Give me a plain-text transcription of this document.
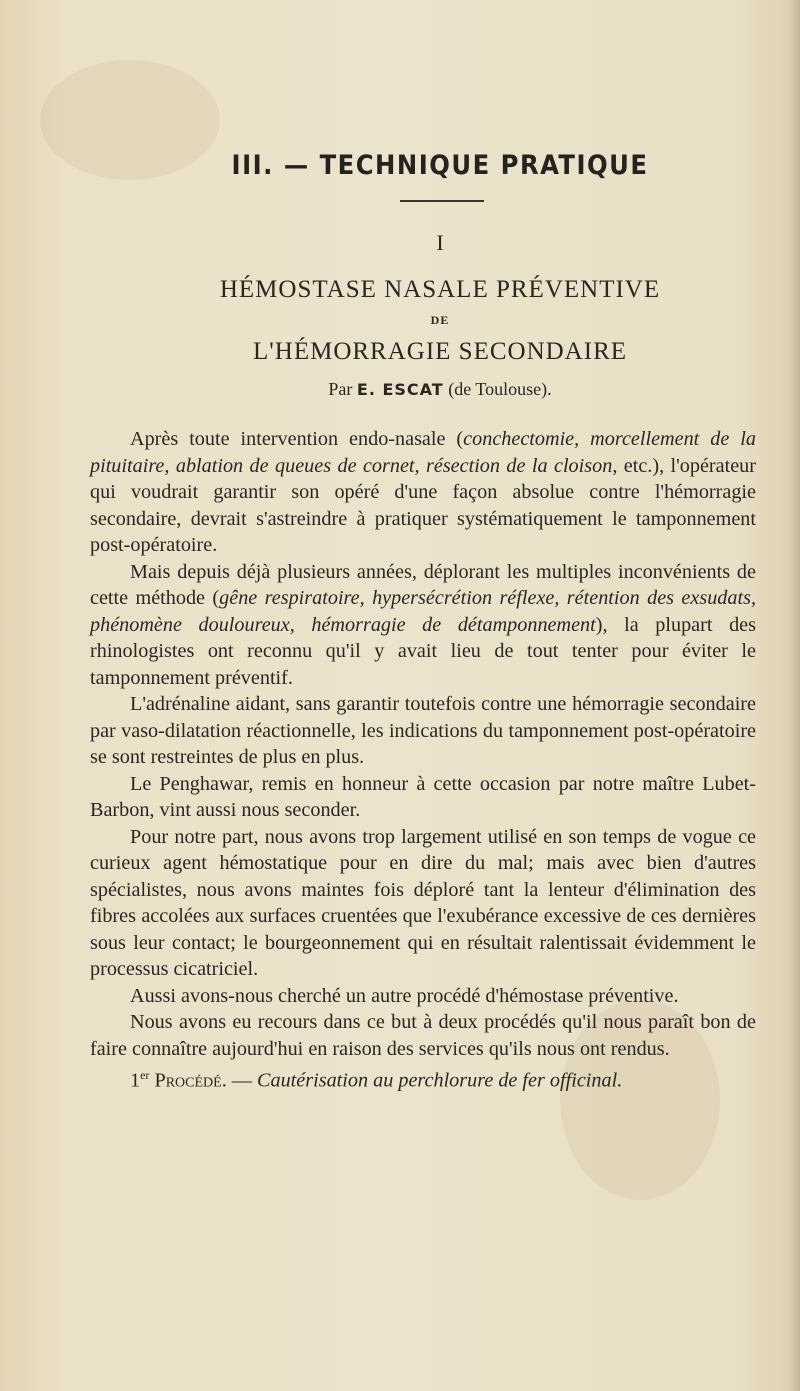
III. — TECHNIQUE PRATIQUE
I
HÉMOSTASE NASALE PRÉVENTIVE
DE
L'HÉMORRAGIE SECONDAIRE
Par E. ESCAT (de Toulouse).

Après toute intervention endo-nasale (conchectomie, morcellement de la pituitaire, ablation de queues de cornet, résection de la cloison, etc.), l'opérateur qui voudrait garantir son opéré d'une façon absolue contre l'hémorragie secondaire, devrait s'astreindre à pratiquer systématiquement le tamponnement post-opératoire.

Mais depuis déjà plusieurs années, déplorant les multiples inconvénients de cette méthode (gêne respiratoire, hypersécrétion réflexe, rétention des exsudats, phénomène douloureux, hémorragie de détamponnement), la plupart des rhinologistes ont reconnu qu'il y avait lieu de tout tenter pour éviter le tamponnement préventif.

L'adrénaline aidant, sans garantir toutefois contre une hémorragie secondaire par vaso-dilatation réactionnelle, les indications du tamponnement post-opératoire se sont restreintes de plus en plus.

Le Penghawar, remis en honneur à cette occasion par notre maître Lubet-Barbon, vint aussi nous seconder.

Pour notre part, nous avons trop largement utilisé en son temps de vogue ce curieux agent hémostatique pour en dire du mal; mais avec bien d'autres spécialistes, nous avons maintes fois déploré tant la lenteur d'élimination des fibres accolées aux surfaces cruentées que l'exubérance excessive de ces dernières sous leur contact; le bourgeonnement qui en résultait ralentissait évidemment le processus cicatriciel.

Aussi avons-nous cherché un autre procédé d'hémostase préventive.

Nous avons eu recours dans ce but à deux procédés qu'il nous paraît bon de faire connaître aujourd'hui en raison des services qu'ils nous ont rendus.

1er Procédé. — Cautérisation au perchlorure de fer officinal.
